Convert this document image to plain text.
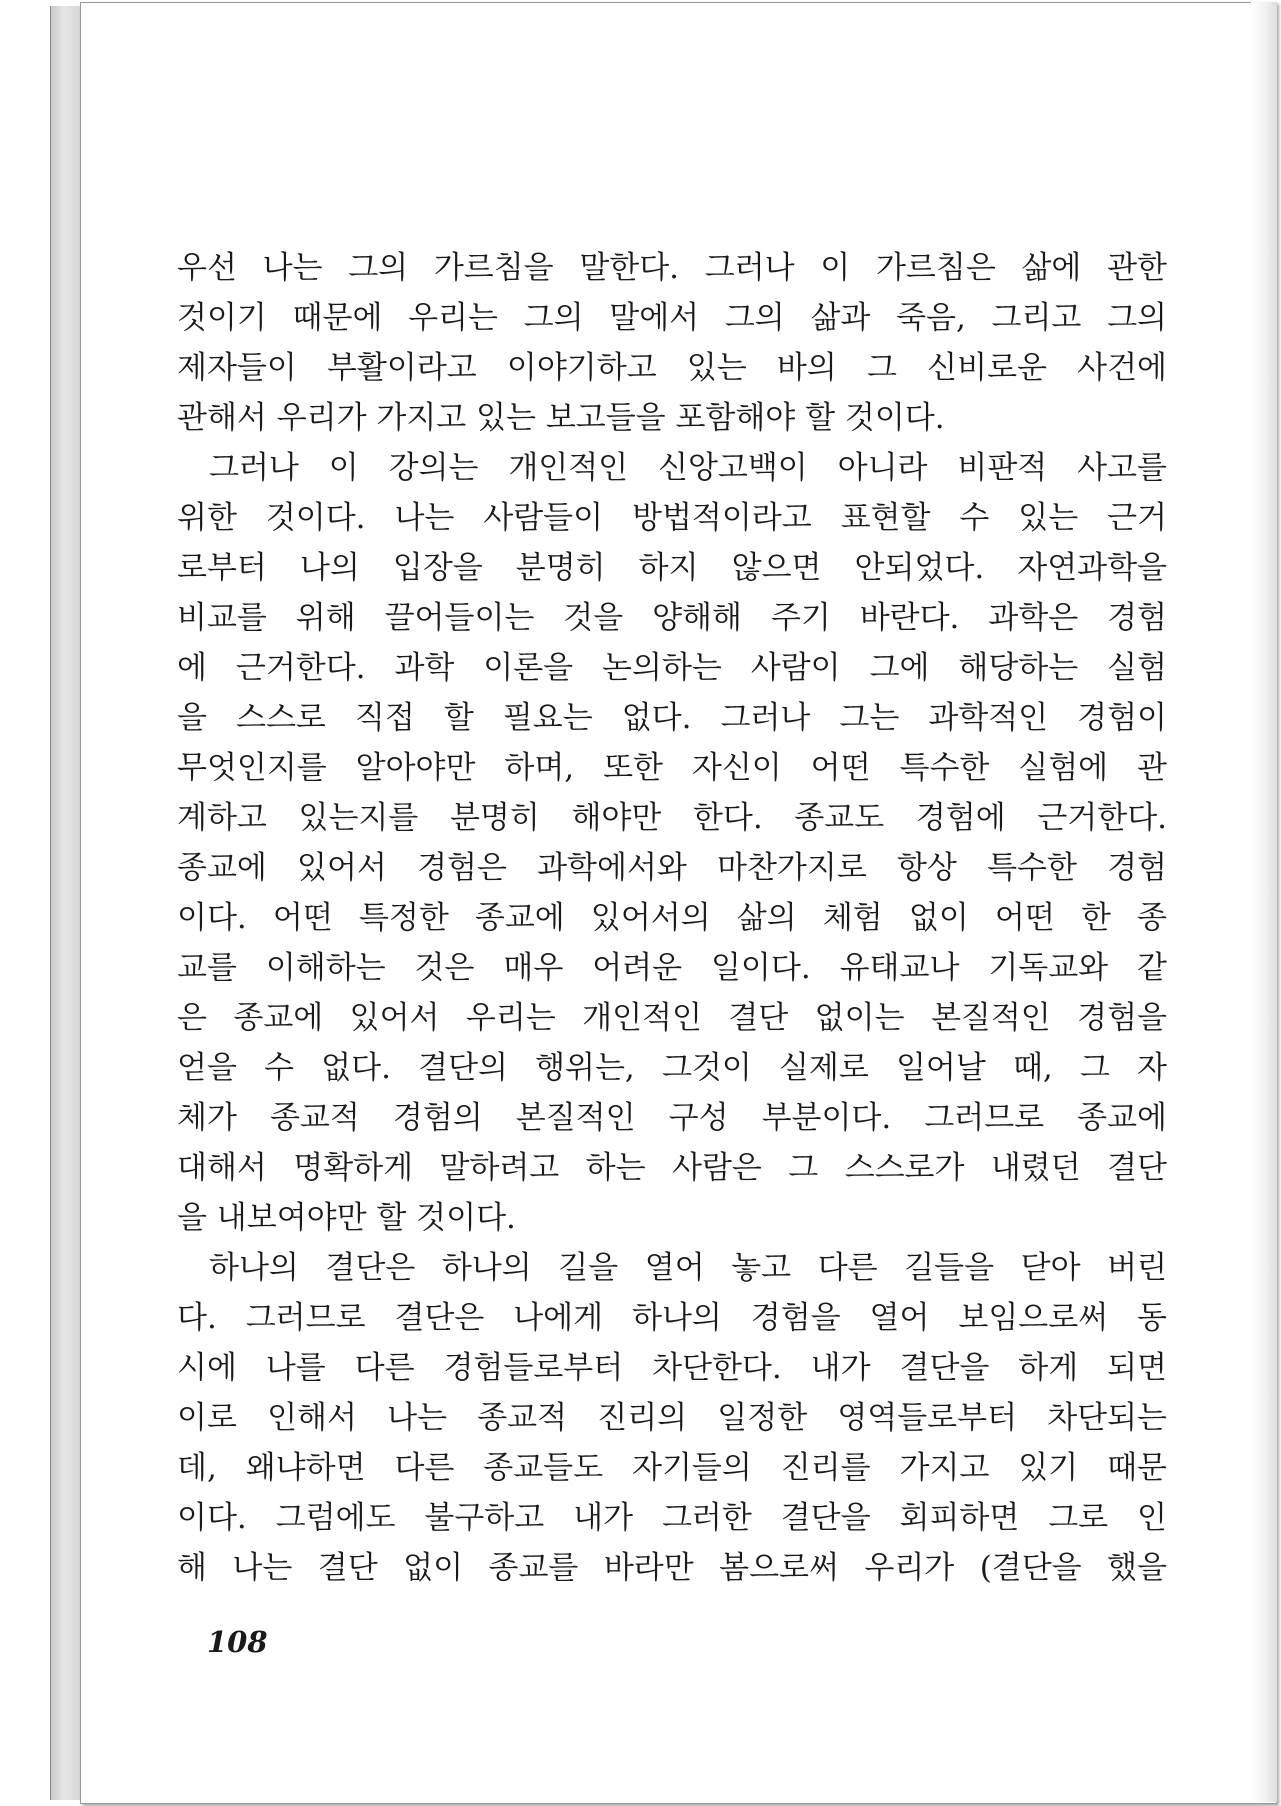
우선 나는 그의 가르침을 말한다. 그러나 이 가르침은 삶에 관한
것이기 때문에 우리는 그의 말에서 그의 삶과 죽음, 그리고 그의
제자들이 부활이라고 이야기하고 있는 바의 그 신비로운 사건에
관해서 우리가 가지고 있는 보고들을 포함해야 할 것이다.
그러나 이 강의는 개인적인 신앙고백이 아니라 비판적 사고를
위한 것이다. 나는 사람들이 방법적이라고 표현할 수 있는 근거
로부터 나의 입장을 분명히 하지 않으면 안되었다. 자연과학을
비교를 위해 끌어들이는 것을 양해해 주기 바란다. 과학은 경험
에 근거한다. 과학 이론을 논의하는 사람이 그에 해당하는 실험
을 스스로 직접 할 필요는 없다. 그러나 그는 과학적인 경험이
무엇인지를 알아야만 하며, 또한 자신이 어떤 특수한 실험에 관
계하고 있는지를 분명히 해야만 한다. 종교도 경험에 근거한다.
종교에 있어서 경험은 과학에서와 마찬가지로 항상 특수한 경험
이다. 어떤 특정한 종교에 있어서의 삶의 체험 없이 어떤 한 종
교를 이해하는 것은 매우 어려운 일이다. 유태교나 기독교와 같
은 종교에 있어서 우리는 개인적인 결단 없이는 본질적인 경험을
얻을 수 없다. 결단의 행위는, 그것이 실제로 일어날 때, 그 자
체가 종교적 경험의 본질적인 구성 부분이다. 그러므로 종교에
대해서 명확하게 말하려고 하는 사람은 그 스스로가 내렸던 결단
을 내보여야만 할 것이다.
하나의 결단은 하나의 길을 열어 놓고 다른 길들을 닫아 버린
다. 그러므로 결단은 나에게 하나의 경험을 열어 보임으로써 동
시에 나를 다른 경험들로부터 차단한다. 내가 결단을 하게 되면
이로 인해서 나는 종교적 진리의 일정한 영역들로부터 차단되는
데, 왜냐하면 다른 종교들도 자기들의 진리를 가지고 있기 때문
이다. 그럼에도 불구하고 내가 그러한 결단을 회피하면 그로 인
해 나는 결단 없이 종교를 바라만 봄으로써 우리가 (결단을 했을
108
